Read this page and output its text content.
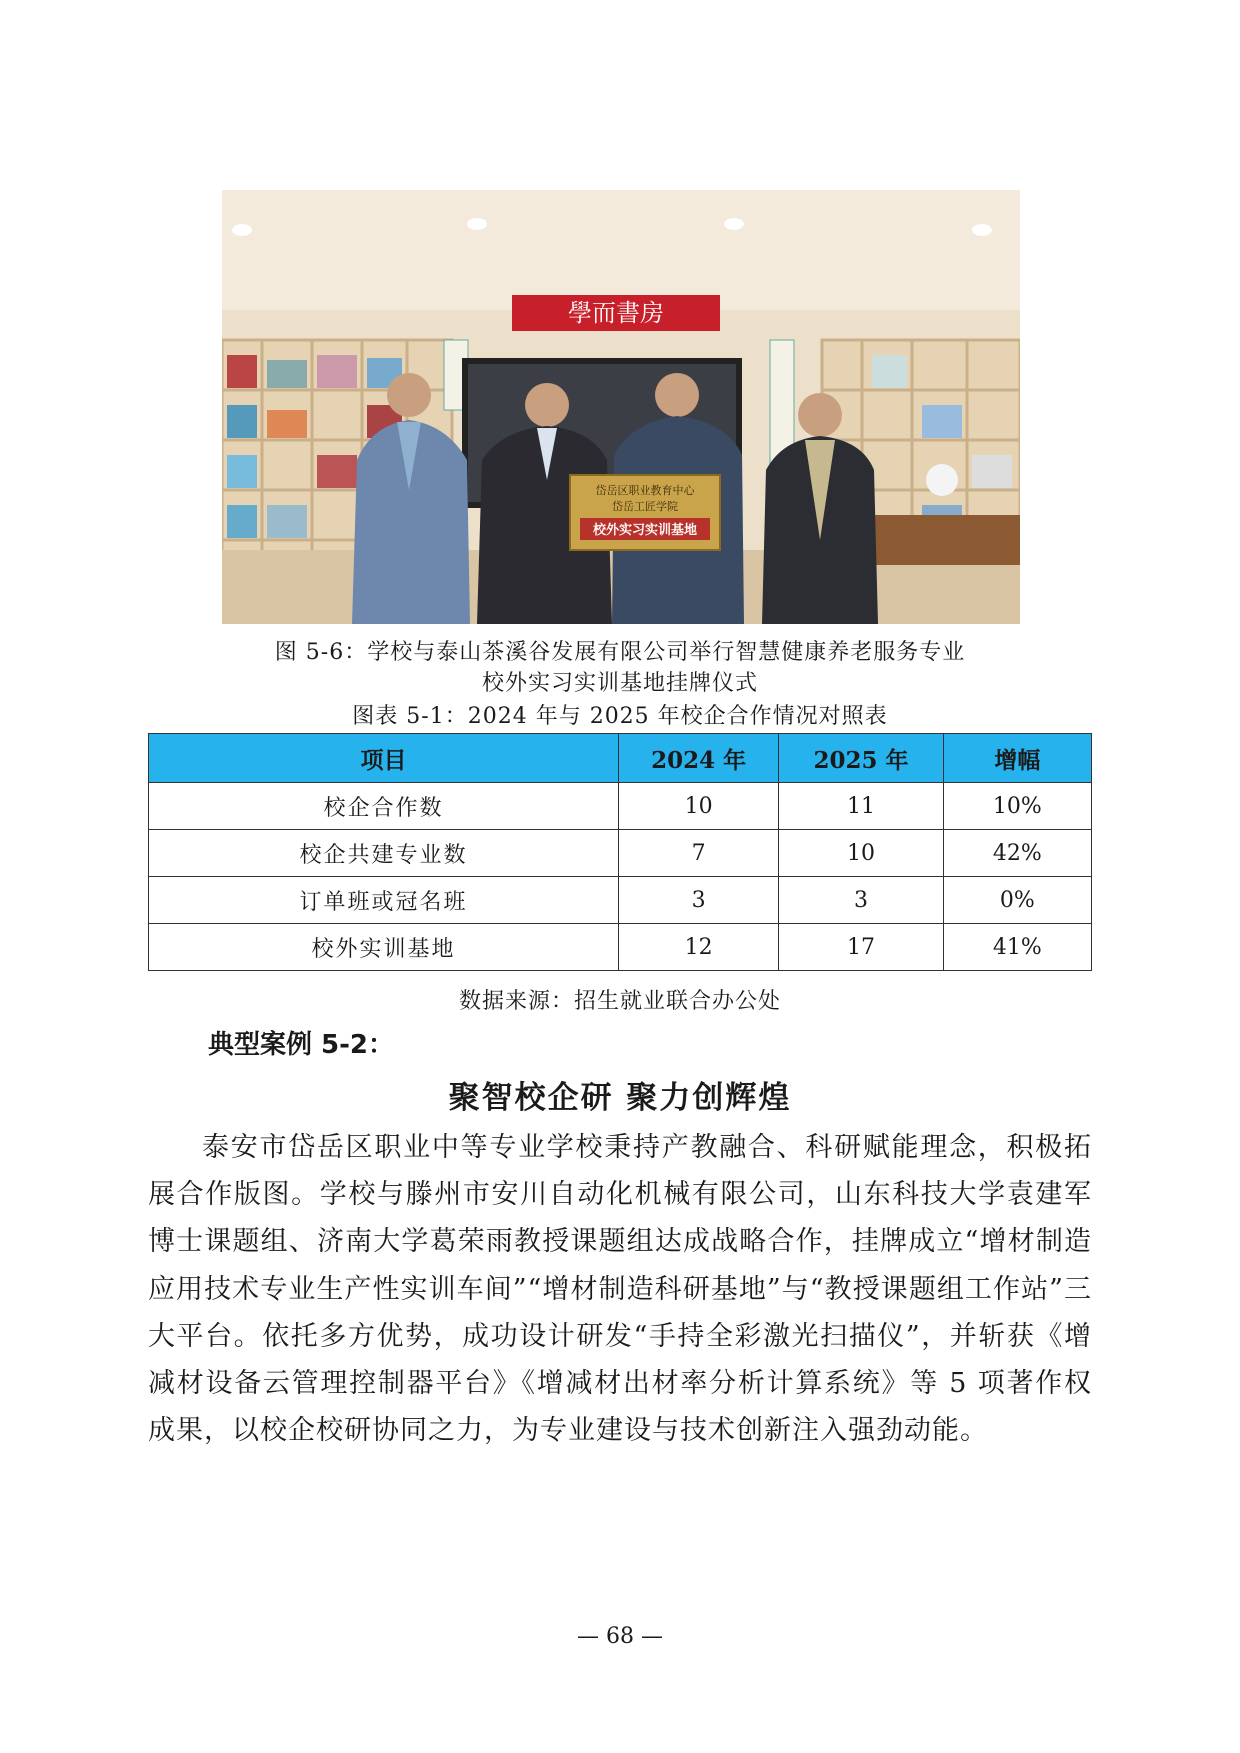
學而書房
岱岳区职业教育中心
岱岳工匠学院
校外实习实训基地
图 5-6：学校与泰山茶溪谷发展有限公司举行智慧健康养老服务专业
校外实习实训基地挂牌仪式
图表 5-1：2024 年与 2025 年校企合作情况对照表
项目	2024 年	2025 年	增幅
校企合作数	10	11	10%
校企共建专业数	7	10	42%
订单班或冠名班	3	3	0%
校外实训基地	12	17	41%
数据来源：招生就业联合办公处
典型案例 5-2：
聚智校企研 聚力创辉煌
泰安市岱岳区职业中等专业学校秉持产教融合、科研赋能理念，积极拓展合作版图。学校与滕州市安川自动化机械有限公司，山东科技大学袁建军博士课题组、济南大学葛荣雨教授课题组达成战略合作，挂牌成立“增材制造应用技术专业生产性实训车间”“增材制造科研基地”与“教授课题组工作站”三大平台。依托多方优势，成功设计研发“手持全彩激光扫描仪”，并斩获《增减材设备云管理控制器平台》《增减材出材率分析计算系统》等 5 项著作权成果，以校企校研协同之力，为专业建设与技术创新注入强劲动能。
— 68 —
